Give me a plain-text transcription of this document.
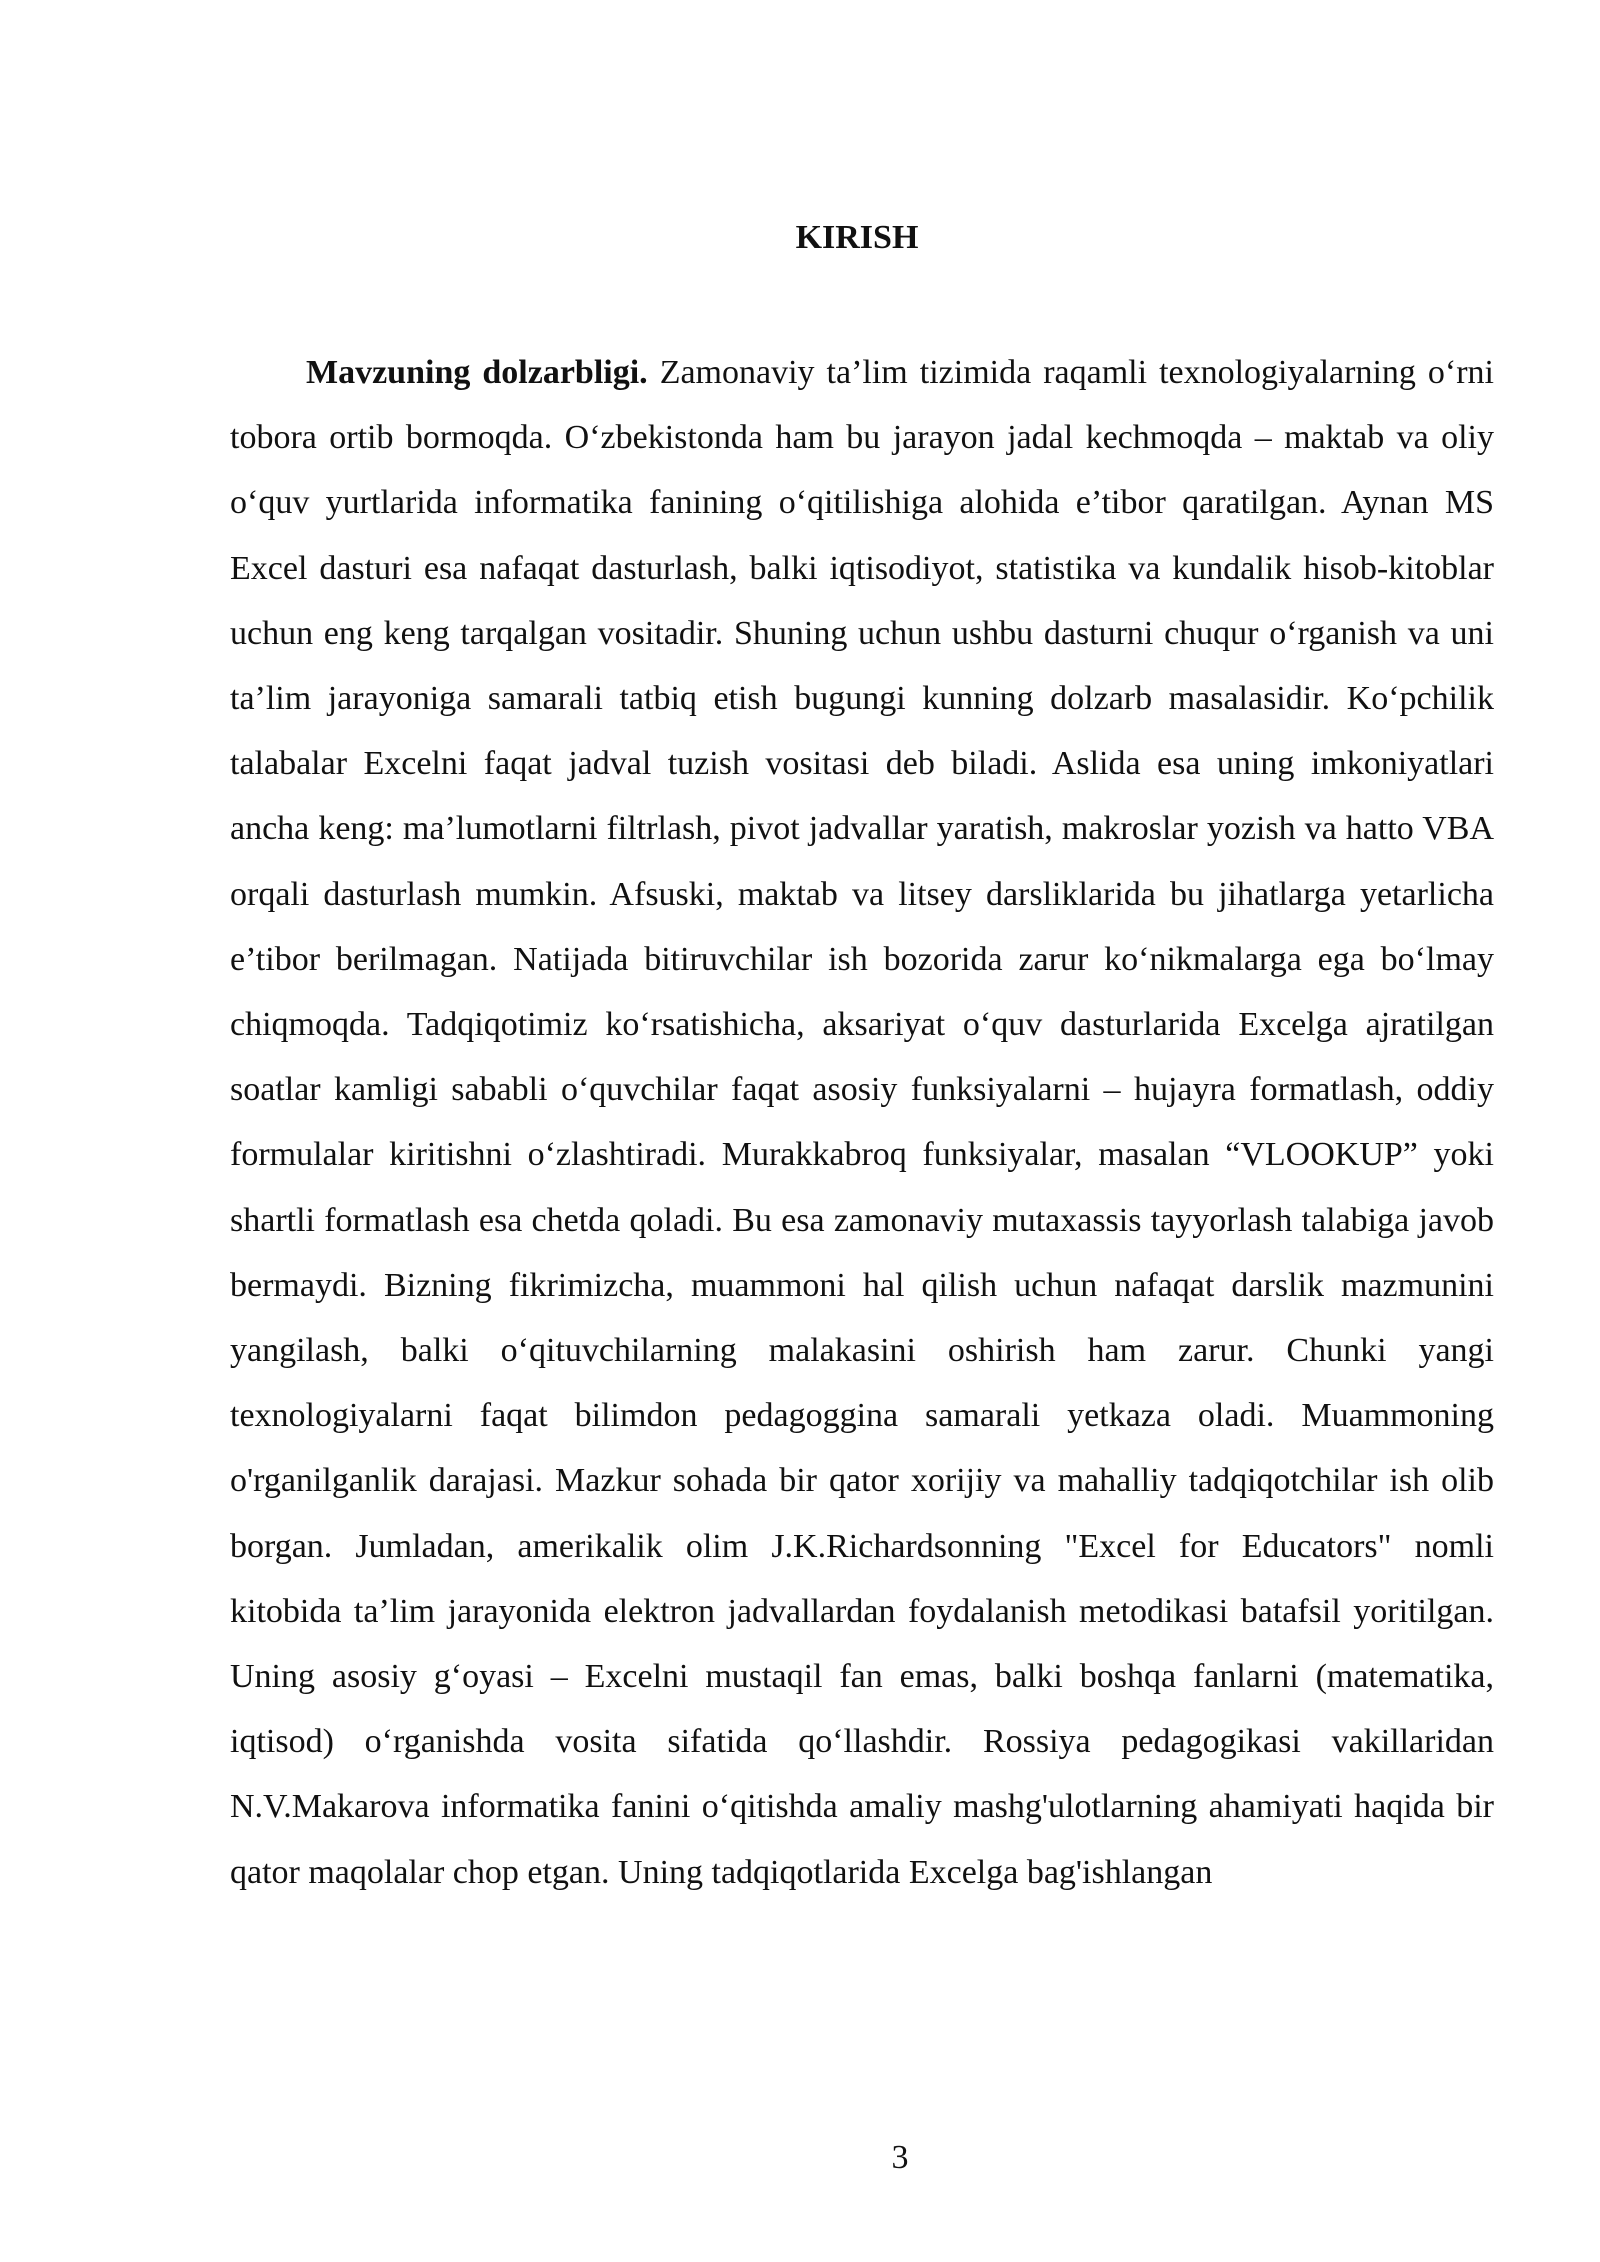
KIRISH

Mavzuning dolzarbligi. Zamonaviy ta’lim tizimida raqamli texnologiyalarning o‘rni tobora ortib bormoqda. O‘zbekistonda ham bu jarayon jadal kechmoqda – maktab va oliy o‘quv yurtlarida informatika fanining o‘qitilishiga alohida e’tibor qaratilgan. Aynan MS Excel dasturi esa nafaqat dasturlash, balki iqtisodiyot, statistika va kundalik hisob-kitoblar uchun eng keng tarqalgan vositadir. Shuning uchun ushbu dasturni chuqur o‘rganish va uni ta’lim jarayoniga samarali tatbiq etish bugungi kunning dolzarb masalasidir. Ko‘pchilik talabalar Excelni faqat jadval tuzish vositasi deb biladi. Aslida esa uning imkoniyatlari ancha keng: ma’lumotlarni filtrlash, pivot jadvallar yaratish, makroslar yozish va hatto VBA orqali dasturlash mumkin. Afsuski, maktab va litsey darsliklarida bu jihatlarga yetarlicha e’tibor berilmagan. Natijada bitiruvchilar ish bozorida zarur ko‘nikmalarga ega bo‘lmay chiqmoqda. Tadqiqotimiz ko‘rsatishicha, aksariyat o‘quv dasturlarida Excelga ajratilgan soatlar kamligi sababli o‘quvchilar faqat asosiy funksiyalarni – hujayra formatlash, oddiy formulalar kiritishni o‘zlashtiradi. Murakkabroq funksiyalar, masalan “VLOOKUP” yoki shartli formatlash esa chetda qoladi. Bu esa zamonaviy mutaxassis tayyorlash talabiga javob bermaydi. Bizning fikrimizcha, muammoni hal qilish uchun nafaqat darslik mazmunini yangilash, balki o‘qituvchilarning malakasini oshirish ham zarur. Chunki yangi texnologiyalarni faqat bilimdon pedagoggina samarali yetkaza oladi. Muammoning o'rganilganlik darajasi. Mazkur sohada bir qator xorijiy va mahalliy tadqiqotchilar ish olib borgan. Jumladan, amerikalik olim J.K.Richardsonning "Excel for Educators" nomli kitobida ta’lim jarayonida elektron jadvallardan foydalanish metodikasi batafsil yoritilgan. Uning asosiy g‘oyasi – Excelni mustaqil fan emas, balki boshqa fanlarni (matematika, iqtisod) o‘rganishda vosita sifatida qo‘llashdir. Rossiya pedagogikasi vakillaridan N.V.Makarova informatika fanini o‘qitishda amaliy mashg'ulotlarning ahamiyati haqida bir qator maqolalar chop etgan. Uning tadqiqotlarida Excelga bag'ishlangan

3
